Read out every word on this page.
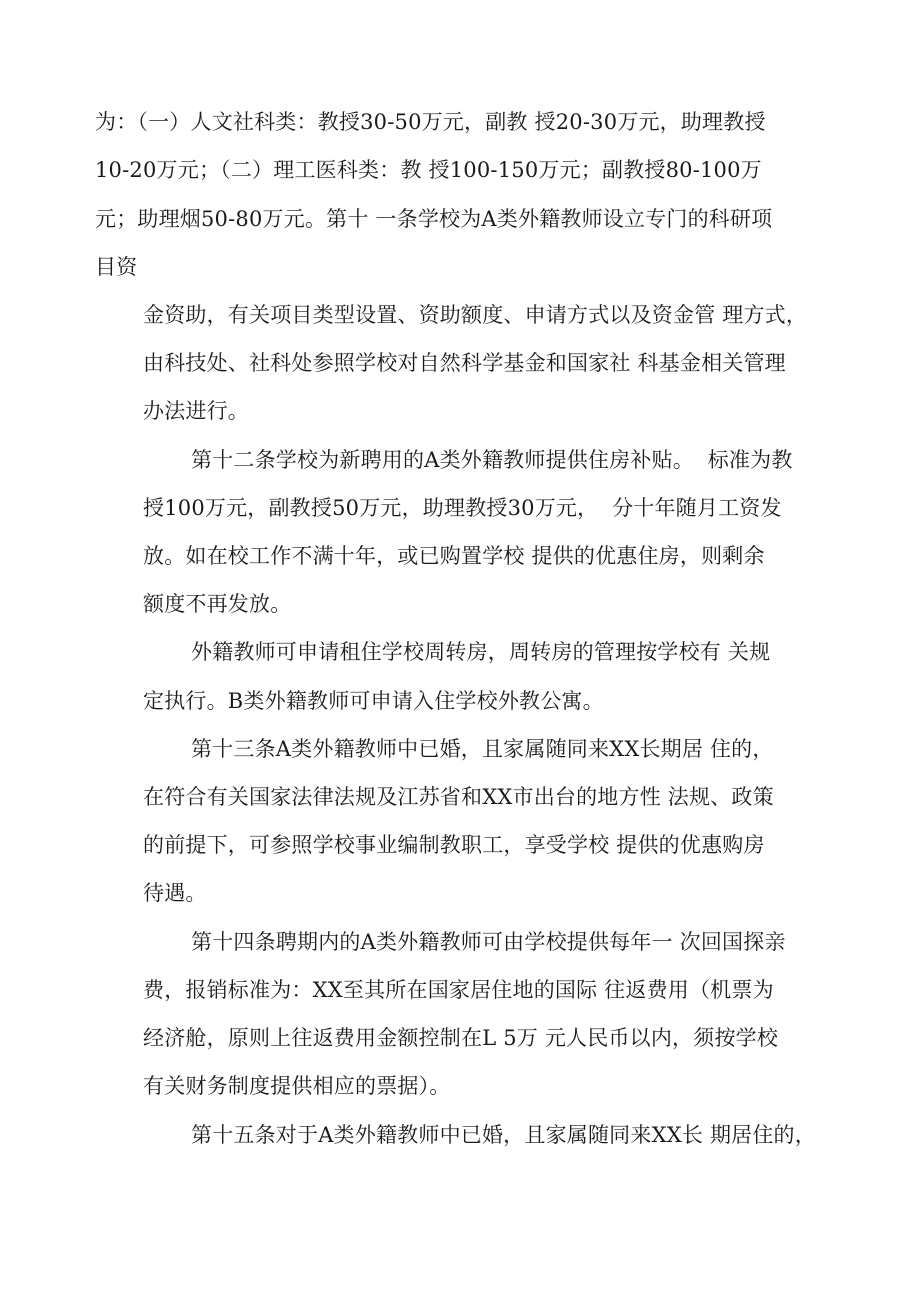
为：（一）人文社科类：教授30-50万元，副教 授20-30万元，助理教授
10-20万元；（二）理工医科类：教 授100-150万元；副教授80-100万
元；助理烟50-80万元。第十 一条学校为A类外籍教师设立专门的科研项
目资
金资助，有关项目类型设置、资助额度、申请方式以及资金管 理方式，
由科技处、社科处参照学校对自然科学基金和国家社 科基金相关管理
办法进行。
第十二条学校为新聘用的A类外籍教师提供住房补贴。  标准为教
授100万元，副教授50万元，助理教授30万元，  分十年随月工资发
放。如在校工作不满十年，或已购置学校 提供的优惠住房，则剩余
额度不再发放。
外籍教师可申请租住学校周转房，周转房的管理按学校有 关规
定执行。B类外籍教师可申请入住学校外教公寓。
第十三条A类外籍教师中已婚，且家属随同来XX长期居 住的，
在符合有关国家法律法规及江苏省和XX市出台的地方性 法规、政策
的前提下，可参照学校事业编制教职工，享受学校 提供的优惠购房
待遇。
第十四条聘期内的A类外籍教师可由学校提供每年一 次回国探亲
费，报销标准为：XX至其所在国家居住地的国际 往返费用（机票为
经济舱，原则上往返费用金额控制在L 5万 元人民币以内，须按学校
有关财务制度提供相应的票据）。
第十五条对于A类外籍教师中已婚，且家属随同来XX长 期居住的，
